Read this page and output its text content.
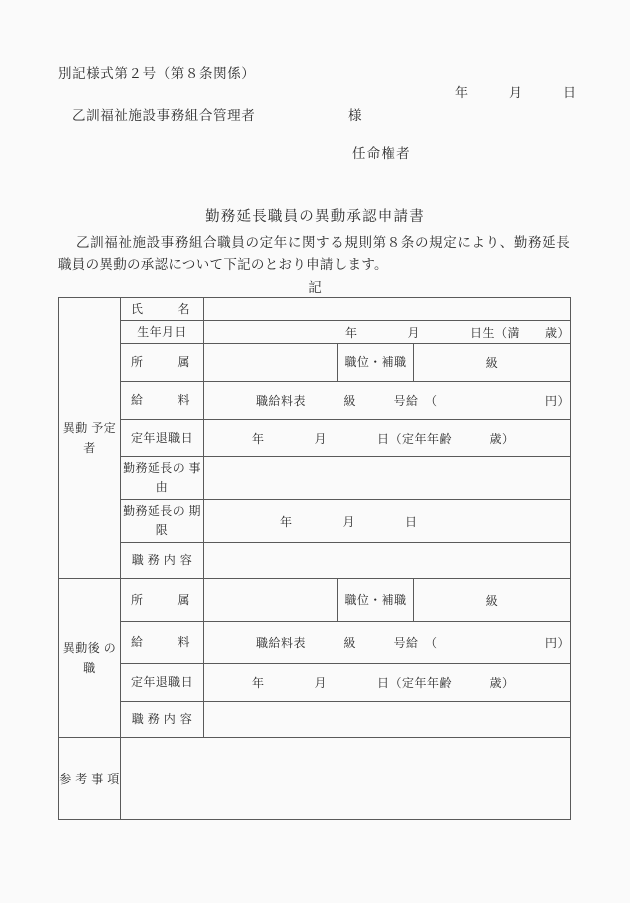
別記様式第２号（第８条関係）
年　　　月　　　日
乙訓福祉施設事務組合管理者	様
任命権者
勤務延長職員の異動承認申請書
乙訓福祉施設事務組合職員の定年に関する規則第８条の規定により、勤務延長職員の異動の承認について下記のとおり申請します。
記
異動 予定者	氏　　名			
	生年月日	年　　　　月　　　　日生（満　　歳）		
	所　　属		職位・補職	級
	給　　料	職給料表　　　級　　　号給　（ 円）		

	定年退職日	年　　　　月　　　　日（定年年齢　　　歳）		
	勤務延長の 事由			
	勤務延長の 期限	年　　　　月　　　　日		
	職 務 内 容			
異動後 の職	所　　属		職位・補職	級
	給　　料	職給料表　　　級　　　号給　（ 円）		

	定年退職日	年　　　　月　　　　日（定年年齢　　　歳）		
	職 務 内 容			
参 考 事 項				
